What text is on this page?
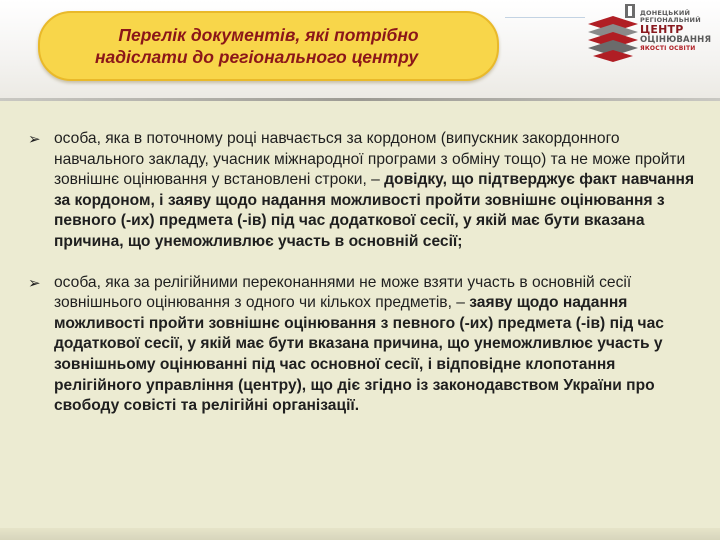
Перелік документів, які потрібно
надіслати до регіонального центру
ДОНЕЦЬКИЙ
РЕГІОНАЛЬНИЙ
ЦЕНТР
ОЦІНЮВАННЯ
ЯКОСТІ ОСВІТИ
➢ особа, яка в поточному році навчається за кордоном (випускник закордонного навчального закладу, учасник міжнародної програми з обміну тощо) та не може пройти зовнішнє оцінювання у встановлені строки, – довідку, що підтверджує факт навчання за кордоном, і заяву щодо надання можливості пройти зовнішнє оцінювання з певного (-их) предмета (-ів) під час додаткової сесії, у якій має бути вказана причина, що унеможливлює участь в основній сесії;
➢ особа, яка за релігійними переконаннями не може взяти участь в основній сесії зовнішнього оцінювання з одного чи кількох предметів, – заяву щодо надання можливості пройти зовнішнє оцінювання з певного (-их) предмета (-ів) під час додаткової сесії, у якій має бути вказана причина, що унеможливлює участь у зовнішньому оцінюванні під час основної сесії, і відповідне клопотання релігійного управління (центру), що діє згідно із законодавством України про свободу совісті та релігійні організації.
